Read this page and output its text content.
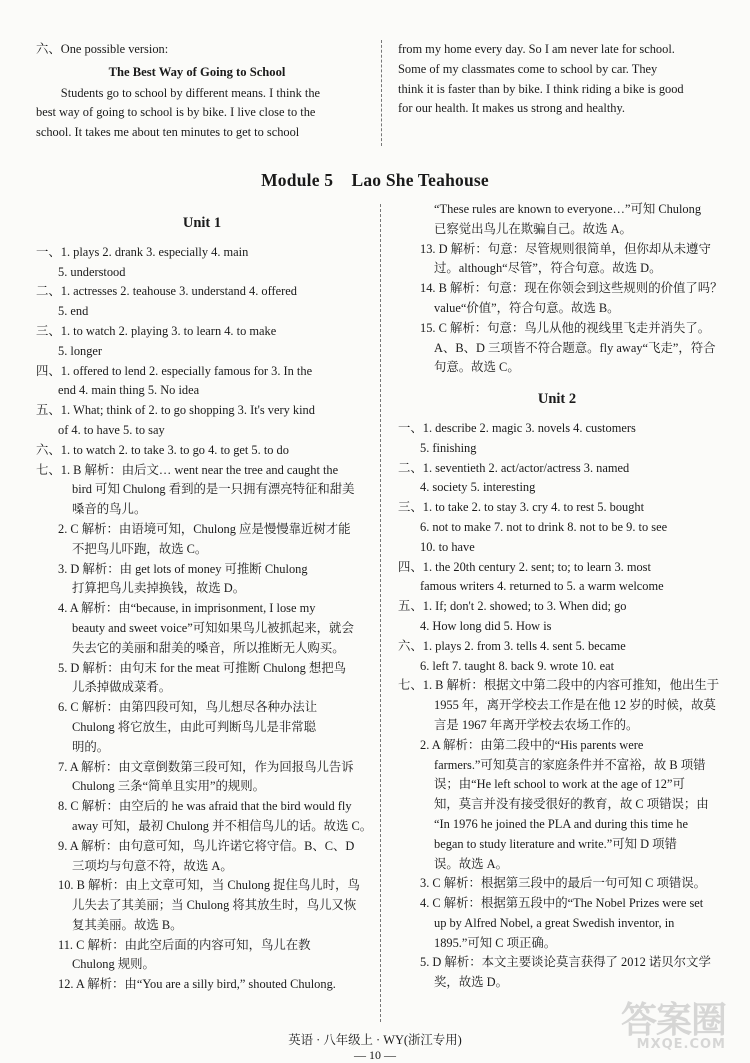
六、One possible version:
The Best Way of Going to School
Students go to school by different means. I think the
best way of going to school is by bike. I live close to the
school. It takes me about ten minutes to get to school
from my home every day. So I am never late for school.
Some of my classmates come to school by car. They
think it is faster than by bike. I think riding a bike is good
for our health. It makes us strong and healthy.
Module 5    Lao She Teahouse
Unit 1
一、1. plays 2. drank 3. especially 4. main
5. understood
二、1. actresses 2. teahouse 3. understand 4. offered
5. end
三、1. to watch 2. playing 3. to learn 4. to make
5. longer
四、1. offered to lend 2. especially famous for 3. In the
end 4. main thing 5. No idea
五、1. What; think of 2. to go shopping 3. It's very kind
of 4. to have 5. to say
六、1. to watch 2. to take 3. to go 4. to get 5. to do
七、1. B 解析：由后文… went near the tree and caught the
bird 可知 Chulong 看到的是一只拥有漂亮特征和甜美
嗓音的鸟儿。
2. C 解析：由语境可知，Chulong 应是慢慢靠近树才能
不把鸟儿吓跑，故选 C。
3. D 解析：由 get lots of money 可推断 Chulong
打算把鸟儿卖掉换钱，故选 D。
4. A 解析：由“because, in imprisonment, I lose my
beauty and sweet voice”可知如果鸟儿被抓起来，就会
失去它的美丽和甜美的嗓音，所以推断无人购买。
5. D 解析：由句末 for the meat 可推断 Chulong 想把鸟
儿杀掉做成菜肴。
6. C 解析：由第四段可知，鸟儿想尽各种办法让
Chulong 将它放生，由此可判断鸟儿是非常聪
明的。
7. A 解析：由文章倒数第三段可知，作为回报鸟儿告诉
Chulong 三条“简单且实用”的规则。
8. C 解析：由空后的 he was afraid that the bird would fly
away 可知，最初 Chulong 并不相信鸟儿的话。故选 C。
9. A 解析：由句意可知，鸟儿许诺它将守信。B、C、D
三项均与句意不符，故选 A。
10. B 解析：由上文章可知，当 Chulong 捉住鸟儿时，鸟
儿失去了其美丽；当 Chulong 将其放生时，鸟儿又恢
复其美丽。故选 B。
11. C 解析：由此空后面的内容可知，鸟儿在教
Chulong 规则。
12. A 解析：由“You are a silly bird,” shouted Chulong.
“These rules are known to everyone…”可知 Chulong
已察觉出鸟儿在欺骗自己。故选 A。
13. D 解析：句意：尽管规则很简单，但你却从未遵守
过。although“尽管”，符合句意。故选 D。
14. B 解析：句意：现在你领会到这些规则的价值了吗？
value“价值”，符合句意。故选 B。
15. C 解析：句意：鸟儿从他的视线里飞走并消失了。
A、B、D 三项皆不符合题意。fly away“飞走”，符合
句意。故选 C。
Unit 2
一、1. describe 2. magic 3. novels 4. customers
5. finishing
二、1. seventieth 2. act/actor/actress 3. named
4. society 5. interesting
三、1. to take 2. to stay 3. cry 4. to rest 5. bought
6. not to make 7. not to drink 8. not to be 9. to see
10. to have
四、1. the 20th century 2. sent; to; to learn 3. most
famous writers 4. returned to 5. a warm welcome
五、1. If; don't 2. showed; to 3. When did; go
4. How long did 5. How is
六、1. plays 2. from 3. tells 4. sent 5. became
6. left 7. taught 8. back 9. wrote 10. eat
七、1. B 解析：根据文中第二段中的内容可推知，他出生于
1955 年，离开学校去工作是在他 12 岁的时候，故莫
言是 1967 年离开学校去农场工作的。
2. A 解析：由第二段中的“His parents were
farmers.”可知莫言的家庭条件并不富裕，故 B 项错
误；由“He left school to work at the age of 12”可
知，莫言并没有接受很好的教育，故 C 项错误；由
“In 1976 he joined the PLA and during this time he
began to study literature and write.”可知 D 项错
误。故选 A。
3. C 解析：根据第三段中的最后一句可知 C 项错误。
4. C 解析：根据第五段中的“The Nobel Prizes were set
up by Alfred Nobel, a great Swedish inventor, in
1895.”可知 C 项正确。
5. D 解析：本文主要谈论莫言获得了 2012 诺贝尔文学
奖，故选 D。
英语 · 八年级上 · WY(浙江专用)
— 10 —
答案圈
MXQE.COM
